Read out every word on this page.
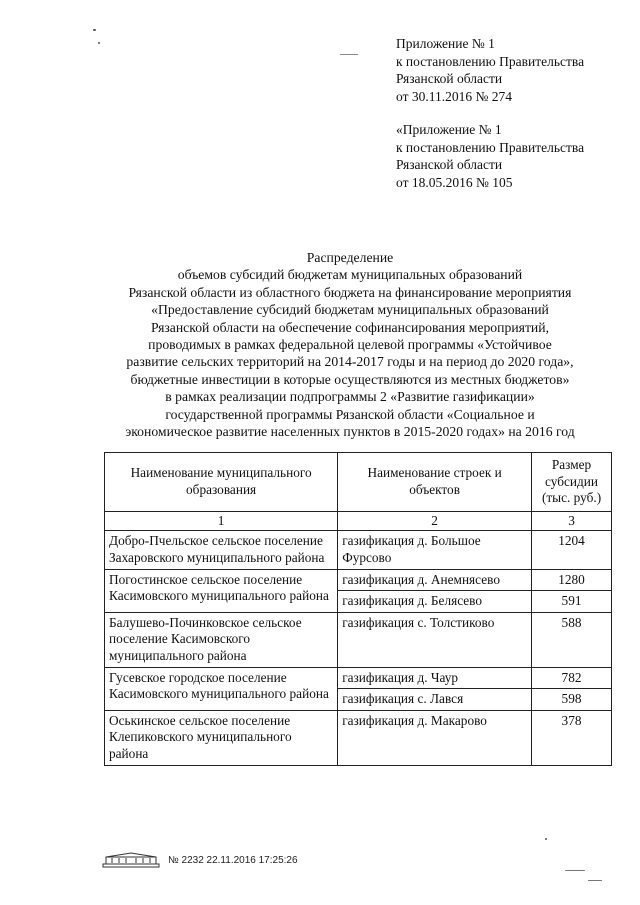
Приложение № 1
к постановлению Правительства
Рязанской области
от 30.11.2016 № 274
«Приложение № 1
к постановлению Правительства
Рязанской области
от 18.05.2016 № 105
Распределение
объемов субсидий бюджетам муниципальных образований
Рязанской области из областного бюджета на финансирование мероприятия
«Предоставление субсидий бюджетам муниципальных образований
Рязанской области на обеспечение софинансирования мероприятий,
проводимых в рамках федеральной целевой программы «Устойчивое
развитие сельских территорий на 2014-2017 годы и на период до 2020 года»,
бюджетные инвестиции в которые осуществляются из местных бюджетов»
в рамках реализации подпрограммы 2 «Развитие газификации»
государственной программы Рязанской области «Социальное и
экономическое развитие населенных пунктов в 2015-2020 годах» на 2016 год
Наименование муниципального образования	Наименование строек и объектов	Размер субсидии (тыс. руб.)
1	2	3
Добро-Пчельское сельское поселение Захаровского муниципального района	газификация д. Большое Фурсово	1204
Погостинское сельское поселение Касимовского муниципального района	газификация д. Анемнясево	1280
	газификация д. Белясево	591
Балушево-Починковское сельское поселение Касимовского муниципального района	газификация с. Толстиково	588
Гусевское городское поселение Касимовского муниципального района	газификация д. Чаур	782
	газификация с. Лався	598
Оськинское сельское поселение Клепиковского муниципального района	газификация д. Макарово	378
№ 2232 22.11.2016 17:25:26
